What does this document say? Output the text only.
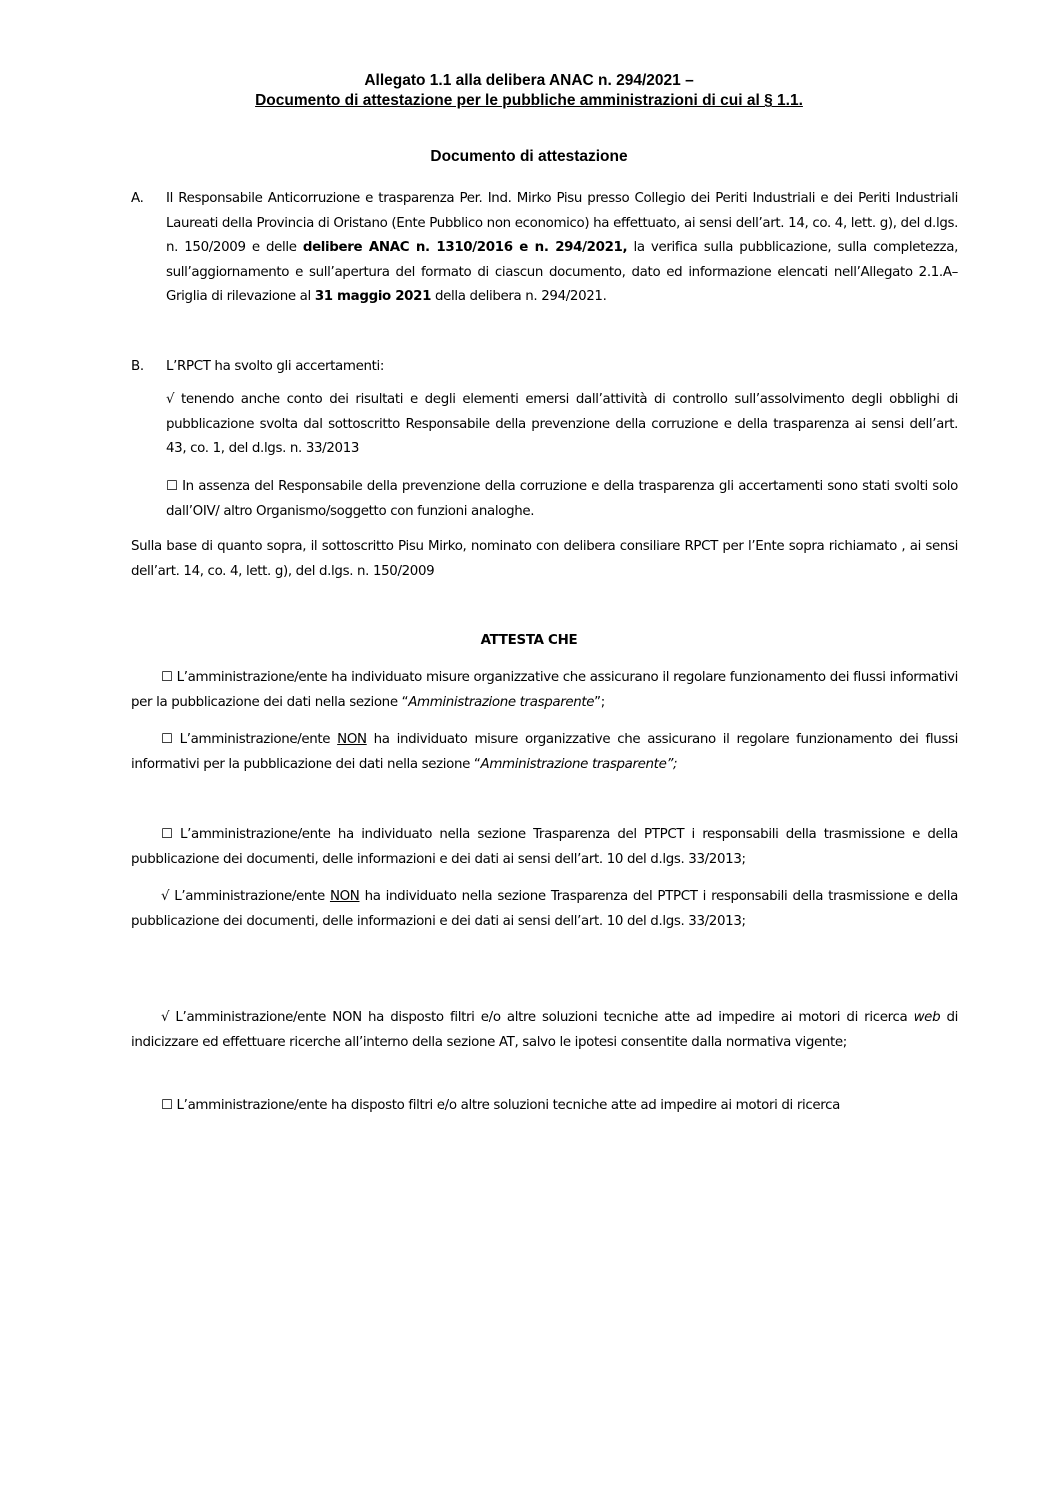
Allegato 1.1 alla delibera ANAC n. 294/2021 –
Documento di attestazione per le pubbliche amministrazioni di cui al § 1.1.
Documento di attestazione
A. Il Responsabile Anticorruzione e trasparenza Per. Ind. Mirko Pisu presso Collegio dei Periti Industriali e dei Periti Industriali Laureati della Provincia di Oristano (Ente Pubblico non economico) ha effettuato, ai sensi dell’art. 14, co. 4, lett. g), del d.lgs. n. 150/2009 e delle delibere ANAC n. 1310/2016 e n. 294/2021, la verifica sulla pubblicazione, sulla completezza, sull’aggiornamento e sull’apertura del formato di ciascun documento, dato ed informazione elencati nell’Allegato 2.1.A– Griglia di rilevazione al 31 maggio 2021 della delibera n. 294/2021.
B. L’RPCT ha svolto gli accertamenti:
√ tenendo anche conto dei risultati e degli elementi emersi dall’attività di controllo sull’assolvimento degli obblighi di pubblicazione svolta dal sottoscritto Responsabile della prevenzione della corruzione e della trasparenza ai sensi dell’art. 43, co. 1, del d.lgs. n. 33/2013
☐ In assenza del Responsabile della prevenzione della corruzione e della trasparenza gli accertamenti sono stati svolti solo dall’OIV/ altro Organismo/soggetto con funzioni analoghe.
Sulla base di quanto sopra, il sottoscritto Pisu Mirko, nominato con delibera consiliare RPCT per l’Ente sopra richiamato , ai sensi dell’art. 14, co. 4, lett. g), del d.lgs. n. 150/2009
ATTESTA CHE
☐ L’amministrazione/ente ha individuato misure organizzative che assicurano il regolare funzionamento dei flussi informativi per la pubblicazione dei dati nella sezione “Amministrazione trasparente”;
☐ L’amministrazione/ente NON ha individuato misure organizzative che assicurano il regolare funzionamento dei flussi informativi per la pubblicazione dei dati nella sezione “Amministrazione trasparente”;
☐ L’amministrazione/ente ha individuato nella sezione Trasparenza del PTPCT i responsabili della trasmissione e della pubblicazione dei documenti, delle informazioni e dei dati ai sensi dell’art. 10 del d.lgs. 33/2013;
√ L’amministrazione/ente NON ha individuato nella sezione Trasparenza del PTPCT i responsabili della trasmissione e della pubblicazione dei documenti, delle informazioni e dei dati ai sensi dell’art. 10 del d.lgs. 33/2013;
√ L’amministrazione/ente NON ha disposto filtri e/o altre soluzioni tecniche atte ad impedire ai motori di ricerca web di indicizzare ed effettuare ricerche all’interno della sezione AT, salvo le ipotesi consentite dalla normativa vigente;
☐ L’amministrazione/ente ha disposto filtri e/o altre soluzioni tecniche atte ad impedire ai motori di ricerca
